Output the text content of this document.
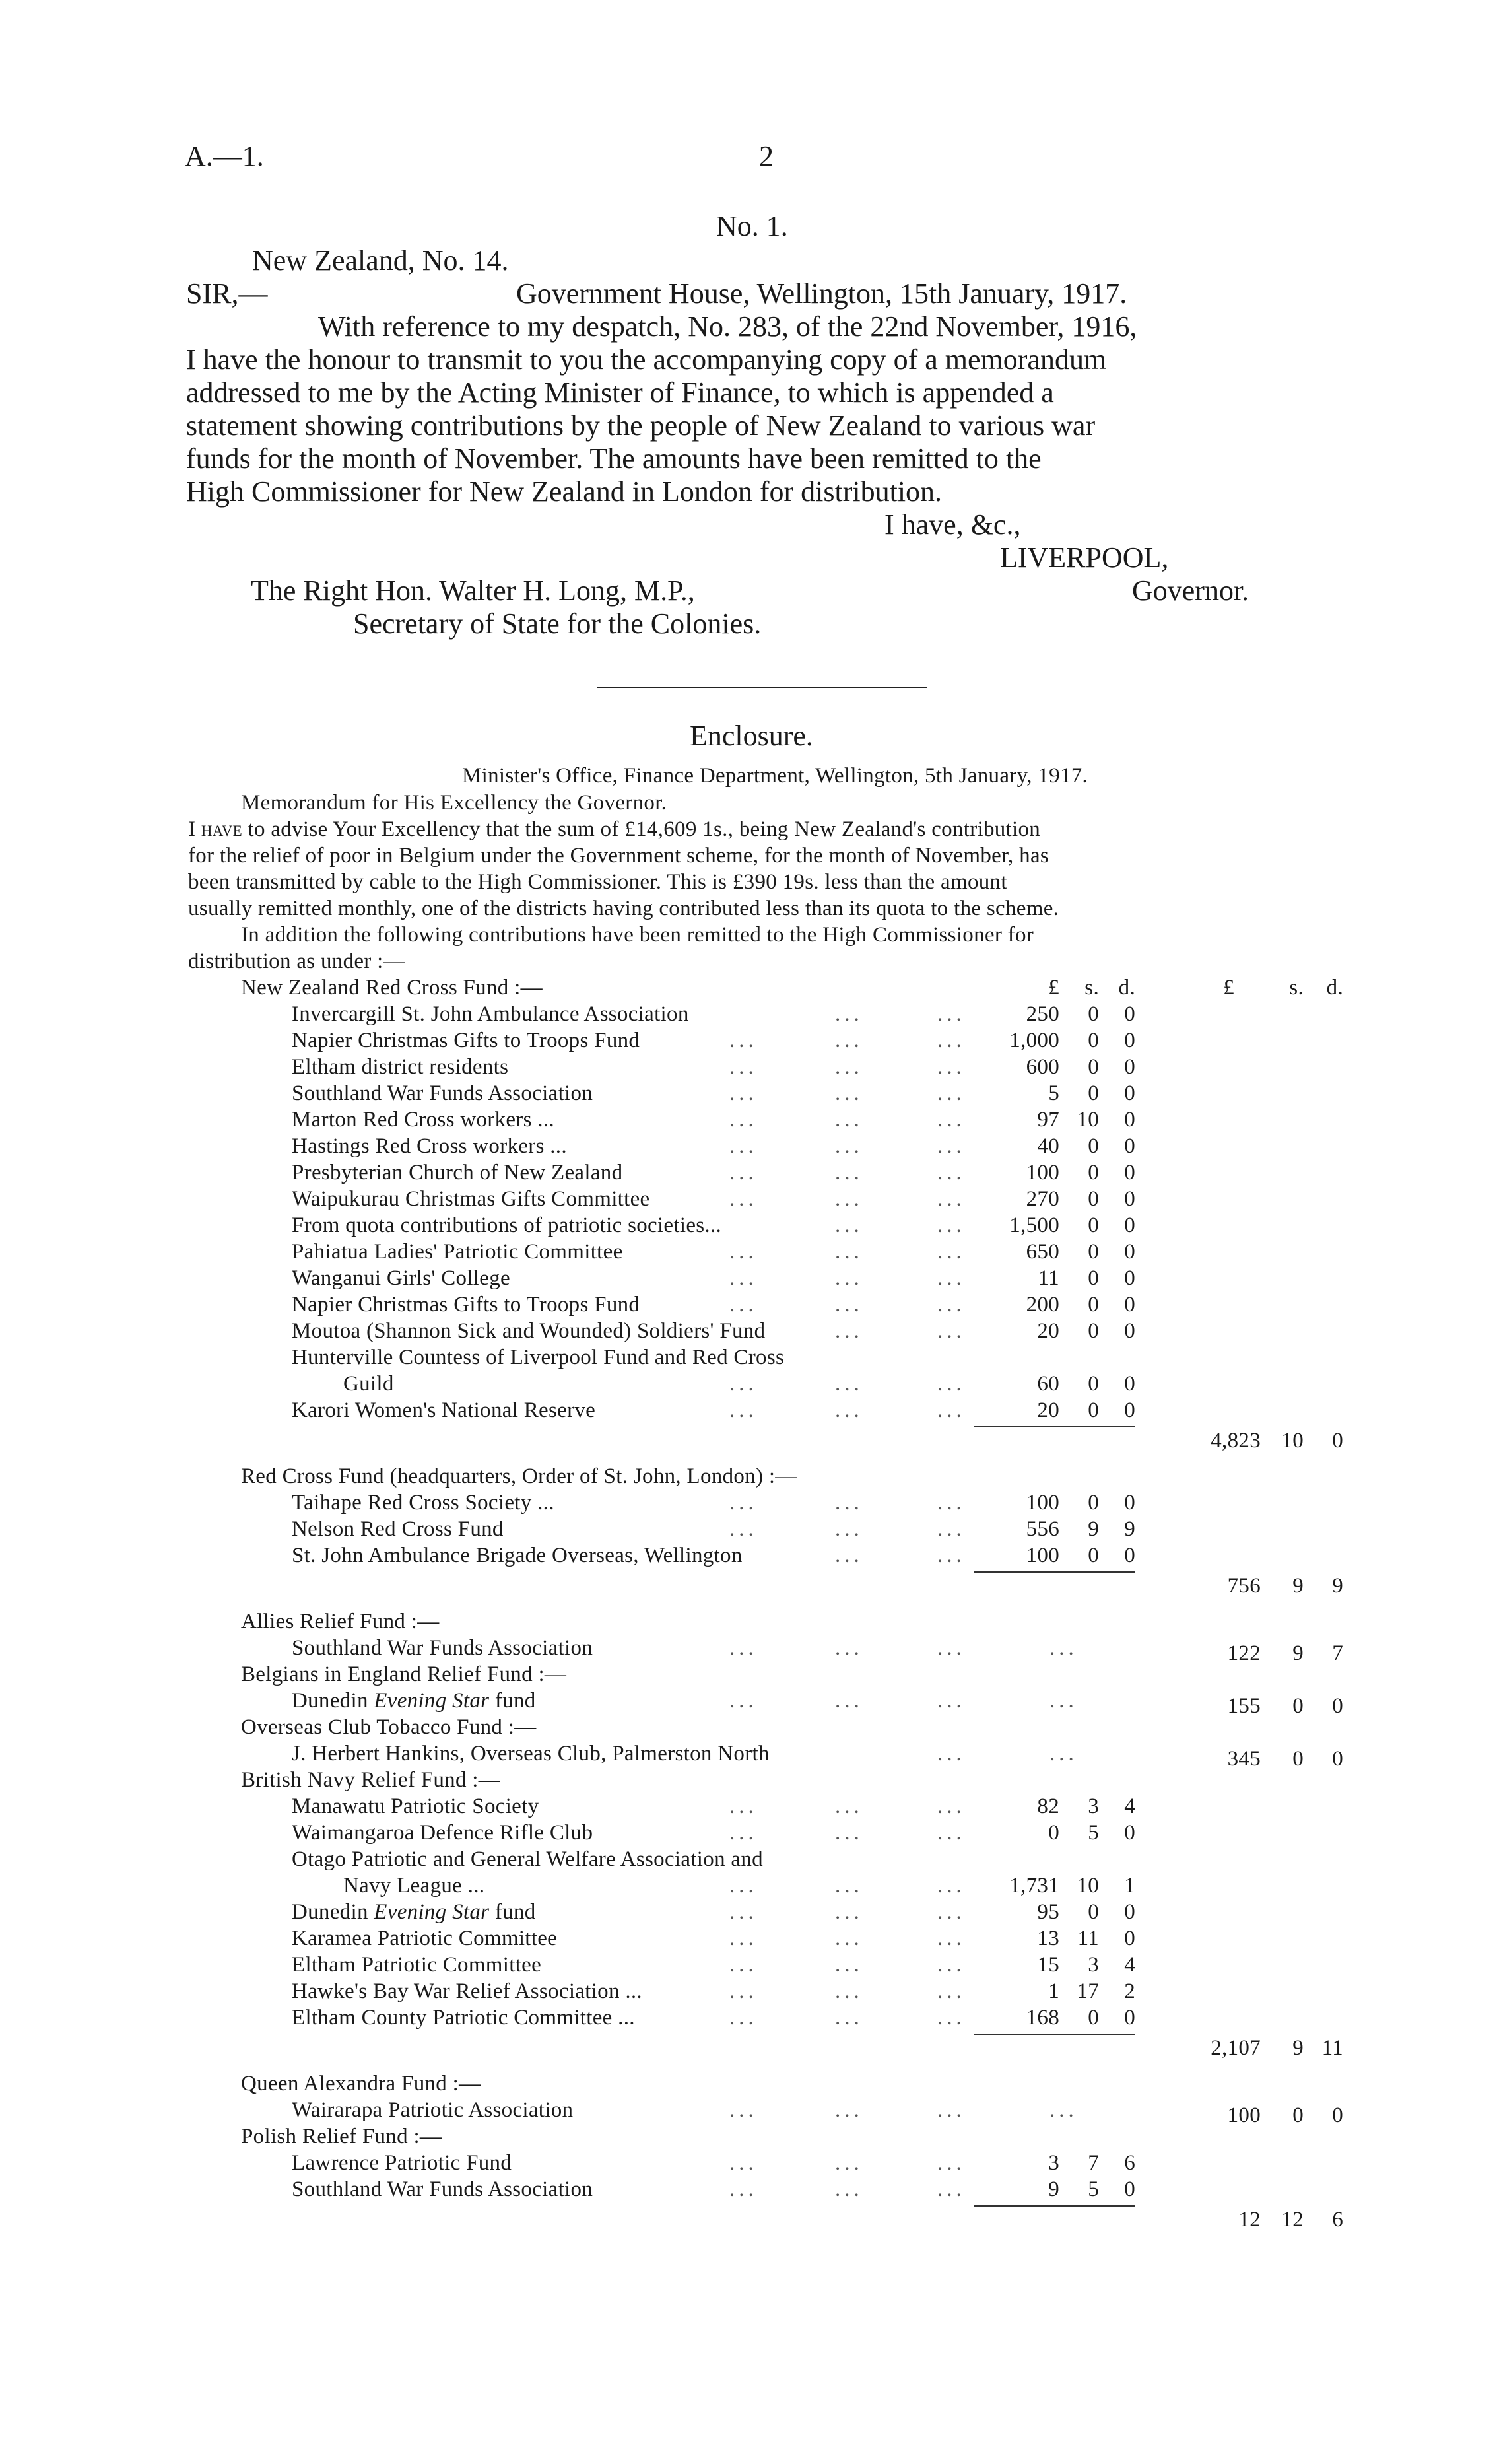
A.—1.	2
No. 1.
New Zealand, No. 14.
SIR,—	Government House, Wellington, 15th January, 1917.
With reference to my despatch, No. 283, of the 22nd November, 1916,
I have the honour to transmit to you the accompanying copy of a memorandum
addressed to me by the Acting Minister of Finance, to which is appended a
statement showing contributions by the people of New Zealand to various war
funds for the month of November. The amounts have been remitted to the
High Commissioner for New Zealand in London for distribution.
I have, &c.,
LIVERPOOL,
The Right Hon. Walter H. Long, M.P.,	Governor.
Secretary of State for the Colonies.
Enclosure.
Minister's Office, Finance Department, Wellington, 5th January, 1917.
Memorandum for His Excellency the Governor.
I have to advise Your Excellency that the sum of £14,609 1s., being New Zealand's contribution
for the relief of poor in Belgium under the Government scheme, for the month of November, has
been transmitted by cable to the High Commissioner. This is £390 19s. less than the amount
usually remitted monthly, one of the districts having contributed less than its quota to the scheme.
In addition the following contributions have been remitted to the High Commissioner for
distribution as under :—
New Zealand Red Cross Fund :—	£	s. d.	£	s.	d.
Invercargill St. John Ambulance Association	...	...	250	0	0
Napier Christmas Gifts to Troops Fund	...	...	...	1,000	0	0
Eltham district residents	...	...	...	600	0	0
Southland War Funds Association	...	...	...	5	0	0
Marton Red Cross workers ...	...	...	...	97 10	0
Hastings Red Cross workers ...	...	...	...	40	0	0
Presbyterian Church of New Zealand	...	...	...	100	0	0
Waipukurau Christmas Gifts Committee	...	...	...	270	0	0
From quota contributions of patriotic societies...	...	...	1,500	0	0
Pahiatua Ladies' Patriotic Committee	...	...	...	650	0	0
Wanganui Girls' College	...	...	...	11	0	0
Napier Christmas Gifts to Troops Fund	...	...	...	200	0	0
Moutoa (Shannon Sick and Wounded) Soldiers' Fund	...	...	20	0	0
Hunterville Countess of Liverpool Fund and Red Cross
Guild	...	...	...	60	0	0
Karori Women's National Reserve	...	...	...	20	0	0
4,823 10	0
Red Cross Fund (headquarters, Order of St. John, London) :—
Taihape Red Cross Society ...	...	...	...	100	0	0
Nelson Red Cross Fund	...	...	...	556	9	9
St. John Ambulance Brigade Overseas, Wellington	...	...	100	0	0
756	9	9
Allies Relief Fund :—
Southland War Funds Association	...	...	...	...	122	9	7
Belgians in England Relief Fund :—
Dunedin Evening Star fund	...	...	...	...	155	0	0
Overseas Club Tobacco Fund :—
J. Herbert Hankins, Overseas Club, Palmerston North	...	...	345	0	0
British Navy Relief Fund :—
Manawatu Patriotic Society	...	...	...	82	3	4
Waimangaroa Defence Rifle Club	...	...	...	0	5	0
Otago Patriotic and General Welfare Association and
Navy League ...	...	...	...	1,731 10	1
Dunedin Evening Star fund	...	...	...	95	0	0
Karamea Patriotic Committee	...	...	...	13 11	0
Eltham Patriotic Committee	...	...	...	15	3	4
Hawke's Bay War Relief Association ...	...	...	...	1 17	2
Eltham County Patriotic Committee ...	...	...	...	168	0	0
2,107	9 11
Queen Alexandra Fund :—
Wairarapa Patriotic Association	...	...	...	...	100	0	0
Polish Relief Fund :—
Lawrence Patriotic Fund	...	...	...	3	7	6
Southland War Funds Association	...	...	...	9	5	0
12 12	6
